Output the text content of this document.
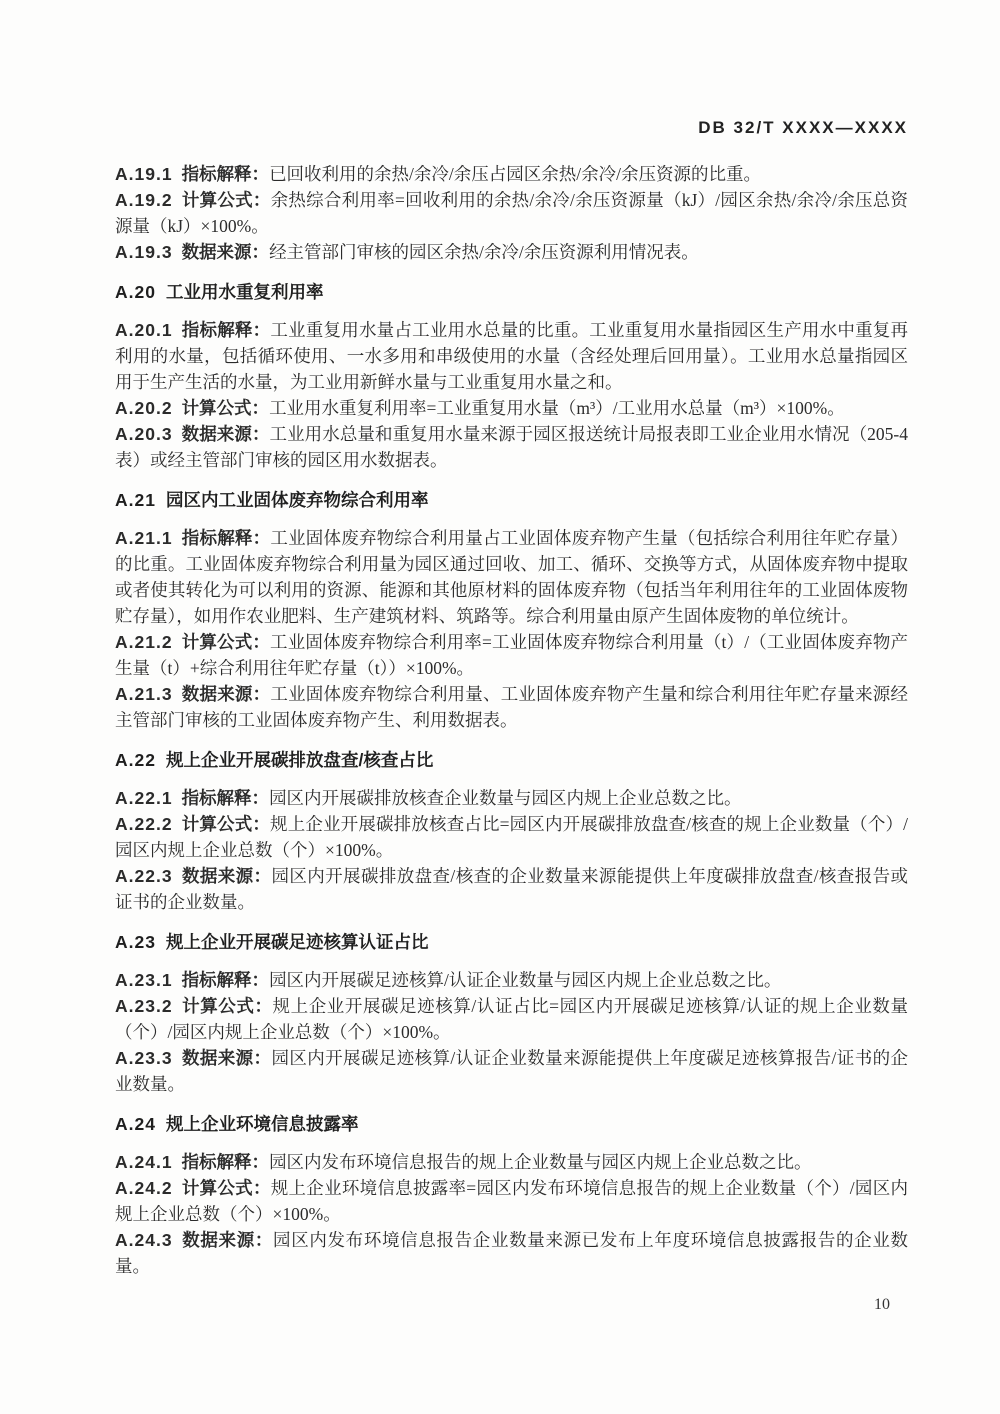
DB 32/T XXXX—XXXX

A.19.1 指标解释：已回收利用的余热/余冷/余压占园区余热/余冷/余压资源的比重。

A.19.2 计算公式：余热综合利用率=回收利用的余热/余冷/余压资源量（kJ）/园区余热/余冷/余压总资源量（kJ）×100%。

A.19.3 数据来源：经主管部门审核的园区余热/余冷/余压资源利用情况表。

A.20 工业用水重复利用率

A.20.1 指标解释：工业重复用水量占工业用水总量的比重。工业重复用水量指园区生产用水中重复再利用的水量，包括循环使用、一水多用和串级使用的水量（含经处理后回用量）。工业用水总量指园区用于生产生活的水量，为工业用新鲜水量与工业重复用水量之和。

A.20.2 计算公式：工业用水重复利用率=工业重复用水量（m³）/工业用水总量（m³）×100%。

A.20.3 数据来源：工业用水总量和重复用水量来源于园区报送统计局报表即工业企业用水情况（205-4表）或经主管部门审核的园区用水数据表。

A.21 园区内工业固体废弃物综合利用率

A.21.1 指标解释：工业固体废弃物综合利用量占工业固体废弃物产生量（包括综合利用往年贮存量）的比重。工业固体废弃物综合利用量为园区通过回收、加工、循环、交换等方式，从固体废弃物中提取或者使其转化为可以利用的资源、能源和其他原材料的固体废弃物（包括当年利用往年的工业固体废物贮存量），如用作农业肥料、生产建筑材料、筑路等。综合利用量由原产生固体废物的单位统计。

A.21.2 计算公式：工业固体废弃物综合利用率=工业固体废弃物综合利用量（t）/（工业固体废弃物产生量（t）+综合利用往年贮存量（t））×100%。

A.21.3 数据来源：工业固体废弃物综合利用量、工业固体废弃物产生量和综合利用往年贮存量来源经主管部门审核的工业固体废弃物产生、利用数据表。

A.22 规上企业开展碳排放盘查/核查占比

A.22.1 指标解释：园区内开展碳排放核查企业数量与园区内规上企业总数之比。

A.22.2 计算公式：规上企业开展碳排放核查占比=园区内开展碳排放盘查/核查的规上企业数量（个）/园区内规上企业总数（个）×100%。

A.22.3 数据来源：园区内开展碳排放盘查/核查的企业数量来源能提供上年度碳排放盘查/核查报告或证书的企业数量。

A.23 规上企业开展碳足迹核算认证占比

A.23.1 指标解释：园区内开展碳足迹核算/认证企业数量与园区内规上企业总数之比。

A.23.2 计算公式：规上企业开展碳足迹核算/认证占比=园区内开展碳足迹核算/认证的规上企业数量（个）/园区内规上企业总数（个）×100%。

A.23.3 数据来源：园区内开展碳足迹核算/认证企业数量来源能提供上年度碳足迹核算报告/证书的企业数量。

A.24 规上企业环境信息披露率

A.24.1 指标解释：园区内发布环境信息报告的规上企业数量与园区内规上企业总数之比。

A.24.2 计算公式：规上企业环境信息披露率=园区内发布环境信息报告的规上企业数量（个）/园区内规上企业总数（个）×100%。

A.24.3 数据来源：园区内发布环境信息报告企业数量来源已发布上年度环境信息披露报告的企业数量。

10
